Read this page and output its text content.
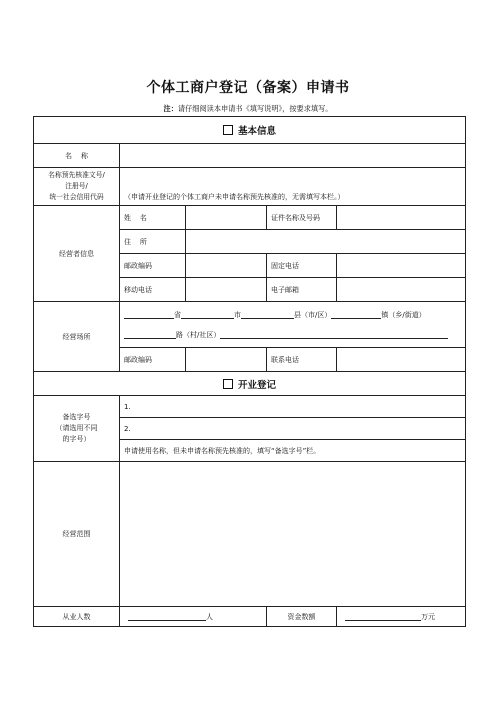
个体工商户登记（备案）申请书
注：请仔细阅读本申请书《填写说明》，按要求填写。
基本信息				
名    称				

名称预先核准文号/
注册号/
统一社会信用代码	（申请开业登记的个体工商户未申请名称预先核准的，无需填写本栏。）			
经营者信息	姓    名		证件名称及号码	
	住    所			
	邮政编码		固定电话	
	移动电话		电子邮箱	
经营场所	省 市 县（市/区） 镇（乡/街道）
路（村/社区）			

	邮政编码		联系电话	
开业登记				

备选字号
（请选用不同
的字号）	1.			
	2.			
	申请使用名称，但未申请名称预先核准的，填写“备选字号”栏。			
经营范围				
从业人数	人		资金数额	万元
